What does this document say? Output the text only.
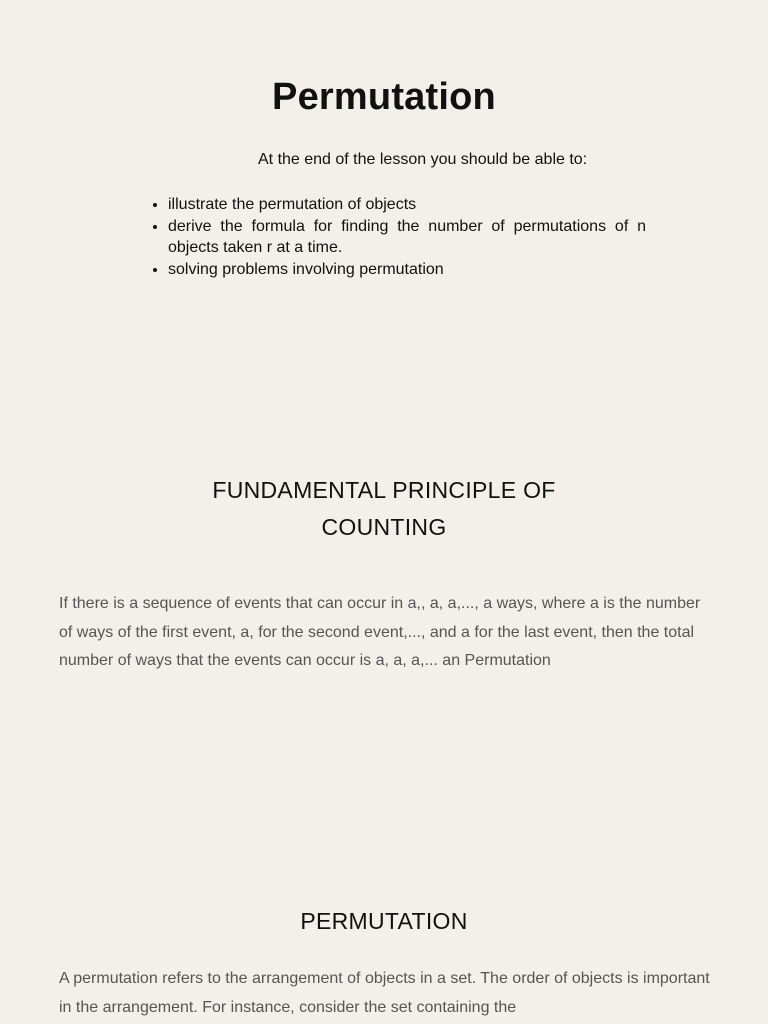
Permutation

At the end of the lesson you should be able to:

• illustrate the permutation of objects
• derive the formula for finding the number of permutations of n objects taken r at a time.
• solving problems involving permutation
FUNDAMENTAL PRINCIPLE OF
COUNTING

If there is a sequence of events that can occur in a,, a, a,..., a ways, where a is the number of ways of the first event, a, for the second event,..., and a for the last event, then the total number of ways that the events can occur is a, a, a,... an Permutation

PERMUTATION

A permutation refers to the arrangement of objects in a set. The order of objects is important in the arrangement. For instance, consider the set containing the
